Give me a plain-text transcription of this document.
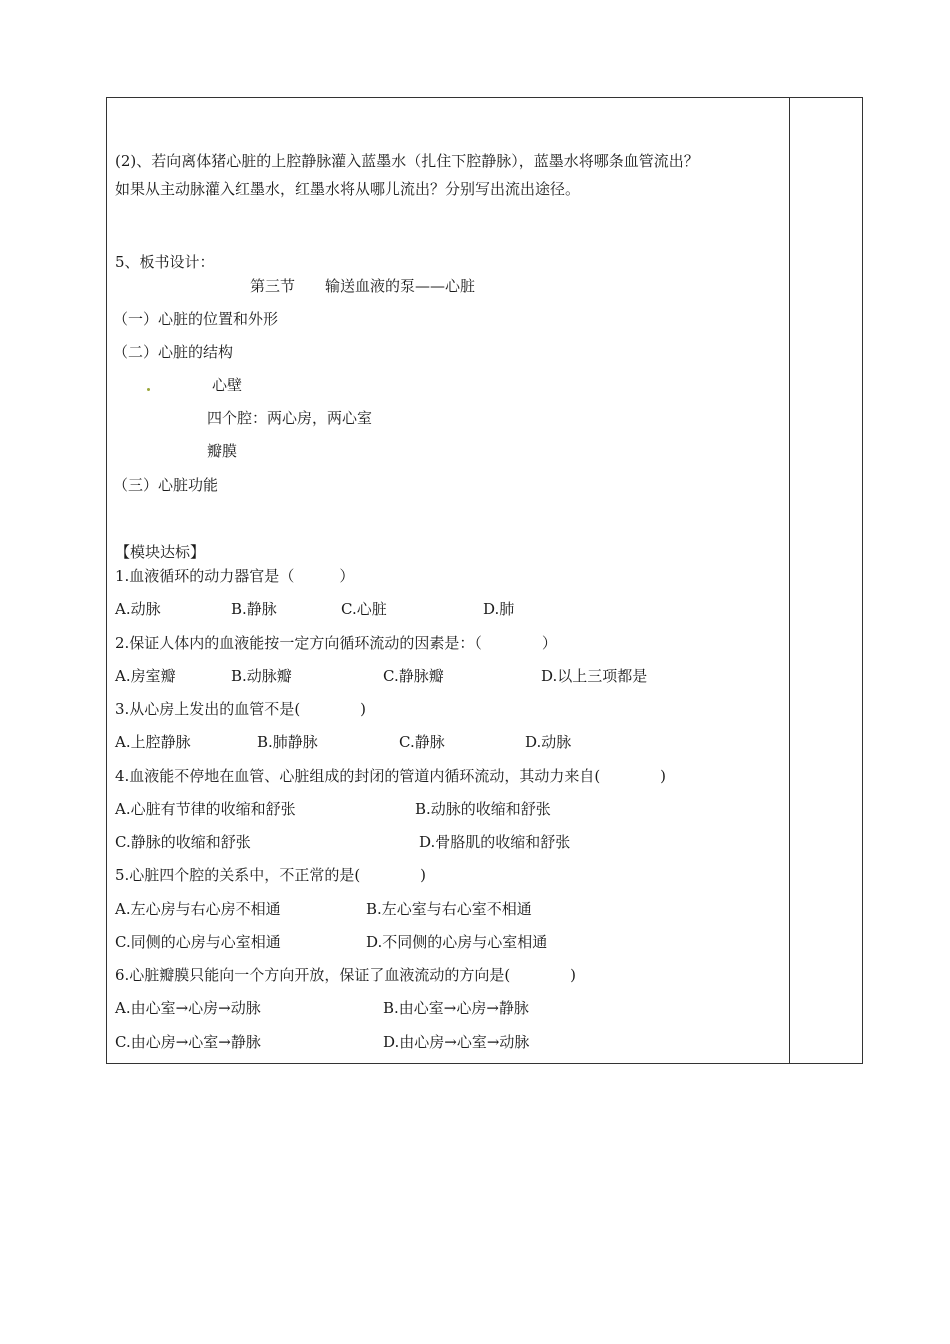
(2)、若向离体猪心脏的上腔静脉灌入蓝墨水（扎住下腔静脉），蓝墨水将哪条血管流出？
如果从主动脉灌入红墨水，红墨水将从哪儿流出？分别写出流出途径。
5、板书设计：
第三节 输送血液的泵——心脏
（一）心脏的位置和外形
（二）心脏的结构
心壁
四个腔：两心房，两心室
瓣膜
（三）心脏功能
【模块达标】
1.血液循环的动力器官是（　　　）
A.动脉	B.静脉	C.心脏	D.肺
2.保证人体内的血液能按一定方向循环流动的因素是：（　　　　）
A.房室瓣	B.动脉瓣	C.静脉瓣	D.以上三项都是
3.从心房上发出的血管不是(　　　　)
A.上腔静脉	B.肺静脉	C.静脉	D.动脉
4.血液能不停地在血管、心脏组成的封闭的管道内循环流动，其动力来自(　　　　)
A.心脏有节律的收缩和舒张	B.动脉的收缩和舒张
C.静脉的收缩和舒张	D.骨胳肌的收缩和舒张
5.心脏四个腔的关系中，不正常的是(　　　　)
A.左心房与右心房不相通	B.左心室与右心室不相通
C.同侧的心房与心室相通	D.不同侧的心房与心室相通
6.心脏瓣膜只能向一个方向开放，保证了血液流动的方向是(　　　　)
A.由心室→心房→动脉	B.由心室→心房→静脉
C.由心房→心室→静脉	D.由心房→心室→动脉
